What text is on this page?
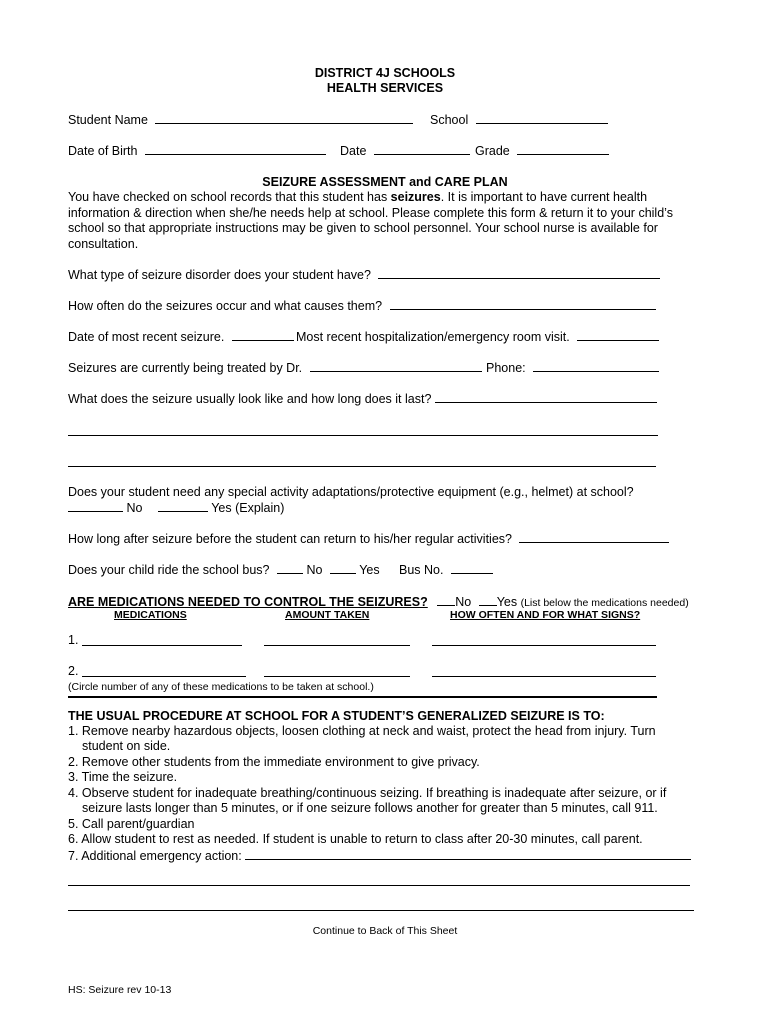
DISTRICT 4J SCHOOLS
HEALTH SERVICES
Student Name	School
Date of Birth	Date	Grade
SEIZURE ASSESSMENT and CARE PLAN
You have checked on school records that this student has seizures. It is important to have current health information & direction when she/he needs help at school. Please complete this form & return it to your child’s school so that appropriate instructions may be given to school personnel. Your school nurse is available for consultation.
What type of seizure disorder does your student have?
How often do the seizures occur and what causes them?
Date of most recent seizure.	Most recent hospitalization/emergency room visit.
Seizures are currently being treated by Dr.	Phone:
What does the seizure usually look like and how long does it last?
Does your student need any special activity adaptations/protective equipment (e.g., helmet) at school?
No	Yes (Explain)
How long after seizure before the student can return to his/her regular activities?
Does your child ride the school bus?	No	Yes Bus No.
ARE MEDICATIONS NEEDED TO CONTROL THE SEIZURES? No Yes (List below the medications needed)
MEDICATIONS	AMOUNT TAKEN	HOW OFTEN AND FOR WHAT SIGNS?
1.
2.
(Circle number of any of these medications to be taken at school.)
THE USUAL PROCEDURE AT SCHOOL FOR A STUDENT’S GENERALIZED SEIZURE IS TO:
1. Remove nearby hazardous objects, loosen clothing at neck and waist, protect the head from injury. Turn
student on side.
2. Remove other students from the immediate environment to give privacy.
3. Time the seizure.
4. Observe student for inadequate breathing/continuous seizing. If breathing is inadequate after seizure, or if
seizure lasts longer than 5 minutes, or if one seizure follows another for greater than 5 minutes, call 911.
5. Call parent/guardian
6. Allow student to rest as needed. If student is unable to return to class after 20-30 minutes, call parent.
7. Additional emergency action:
Continue to Back of This Sheet
HS: Seizure rev 10-13
